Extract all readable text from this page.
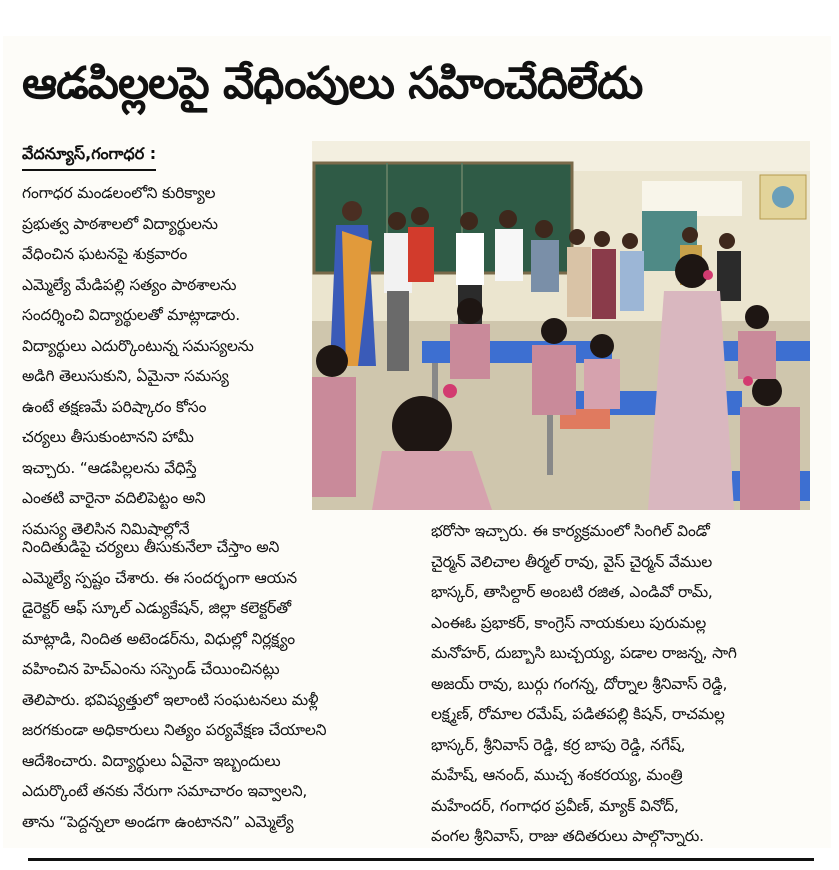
ఆడపిల్లలపై వేధింపులు సహించేదిలేదు
వేదన్యూస్,గంగాధర :
గంగాధర మండలంలోని కురిక్యాల
ప్రభుత్వ పాఠశాలలో విద్యార్థులను
వేధించిన ఘటనపై శుక్రవారం
ఎమ్మెల్యే మేడిపల్లి సత్యం పాఠశాలను
సందర్శించి విద్యార్థులతో మాట్లాడారు.
విద్యార్థులు ఎదుర్కొంటున్న సమస్యలను
అడిగి తెలుసుకుని, ఏమైనా సమస్య
ఉంటే తక్షణమే పరిష్కారం కోసం
చర్యలు తీసుకుంటానని హామీ
ఇచ్చారు. “ఆడపిల్లలను వేధిస్తే
ఎంతటి వారైనా వదిలిపెట్టం అని
సమస్య తెలిసిన నిమిషాల్లోనే
నిందితుడిపై చర్యలు తీసుకునేలా చేస్తాం అని
ఎమ్మెల్యే స్పష్టం చేశారు. ఈ సందర్భంగా ఆయన
డైరెక్టర్ ఆఫ్ స్కూల్ ఎడ్యుకేషన్, జిల్లా కలెక్టర్‌తో
మాట్లాడి, నిందిత అటెండర్‌ను, విధుల్లో నిర్లక్ష్యం
వహించిన హెచ్ఎంను సస్పెండ్ చేయించినట్లు
తెలిపారు. భవిష్యత్తులో ఇలాంటి సంఘటనలు మళ్లీ
జరగకుండా అధికారులు నిత్యం పర్యవేక్షణ చేయాలని
ఆదేశించారు. విద్యార్థులు ఏవైనా ఇబ్బందులు
ఎదుర్కొంటే తనకు నేరుగా సమాచారం ఇవ్వాలని,
తాను “పెద్దన్నలా అండగా ఉంటానని” ఎమ్మెల్యే
భరోసా ఇచ్చారు. ఈ కార్యక్రమంలో సింగిల్ విండో
చైర్మన్ వెలిచాల తీర్మల్ రావు, వైస్ చైర్మన్ వేముల
భాస్కర్, తాసిల్దార్ అంబటి రజిత, ఎండివో రామ్,
ఎంఈఓ ప్రభాకర్, కాంగ్రెస్ నాయకులు పురుమల్ల
మనోహర్, దుబ్బాసి బుచ్చయ్య, పడాల రాజన్న, సాగి
అజయ్ రావు, బుర్గు గంగన్న, దోర్నాల శ్రీనివాస్ రెడ్డి,
లక్ష్మణ్, రోమాల రమేష్, పడితపల్లి కిషన్, రాచమల్ల
భాస్కర్, శ్రీనివాస్ రెడ్డి, కర్ర బాపు రెడ్డి, నగేష్,
మహేష్, ఆనంద్, ముచ్చ శంకరయ్య, మంత్రి
మహేందర్, గంగాధర ప్రవీణ్, మ్యాక్ వినోద్,
వంగల శ్రీనివాస్, రాజు తదితరులు పాల్గొన్నారు.
